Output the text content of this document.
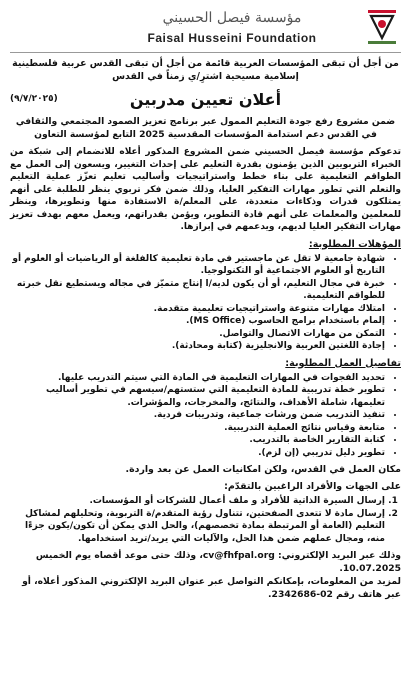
مؤسسة فيصل الحسيني
Faisal Husseini Foundation
من أجل أن تبقى المؤسسات العربية قائمة من أجل أن تبقى القدس عربية فلسطينية إسلامية مسيحية اشترِ/ي زمناً في القدس
أعلان تعيين مدربين
(٩/٧/٢٠٢٥)
ضمن مشروع رفع جودة التعليم الممول عبر برنامج تعزيز الصمود المجتمعي والثقافي في القدس دعم استدامة المؤسسات المقدسية 2025 التابع لمؤسسة التعاون

تدعوكم مؤسسة فيصل الحسيني ضمن المشروع المذكور أعلاه للانضمام إلى شبكة من الخبراء التربويين الذين يؤمنون بقدرة التعليم على إحداث التغيير، ويسعون إلى العمل مع الطواقم التعليمية على بناء خطط واستراتيجيات وأساليب تعليم تعزّز عملية التعليم والتعلم التي تطور مهارات التفكير العليا، وذلك ضمن فكر تربوي ينظر للطلبة على أنهم يمتلكون قدرات وذكاءات متعددة، على المعلم/ة الاستفادة منها وتطويرها، وينظر للمعلمين والمعلمات على أنهم قادة التطوير، ويؤمن بقدراتهم، ويعمل معهم بهدف تعزيز مهارات التفكير العليا لديهم، ويدعمهم في إبرازها.

المؤهلات المطلوبة:
• شهادة جامعية لا تقل عن ماجستير في مادة تعليمية كالفلغة أو الرياضيات أو العلوم أو التاريخ أو العلوم الاجتماعية أو التكنولوجيا.
• خبرة في مجال التعليم، أو أن يكون لديه/ا إنتاج متميّز في مجاله ويستطيع نقل خبرته للطواقم التعليمية.
• امتلاك مهارات متنوعة واستراتيجيات تعليمية متقدمة.
• إلمام باستخدام برامج الحاسوب (MS Office).
• التمكن من مهارات الاتصال والتواصل.
• إجادة اللغتين العربية والانجليزية (كتابة ومحادثة).
تفاصيل العمل المطلوبة:
• تحديد الفجوات في المهارات التعليمية في المادة التي سيتم التدريب عليها.
• تطوير خطة تدريبية للمادة التعليمية التي ستستهم/سيسهم في تطوير أساليب تعليمها، شاملة الأهداف، والنتائج، والمخرجات، والمؤشرات.
• تنفيذ التدريب ضمن ورشات جماعية، وتدريبات فردية.
• متابعة وقياس نتائج العملية التدريبية.
• كتابة التقارير الخاصة بالتدريب.
• تطوير دليل تدريبي (إن لزم).
مكان العمل في القدس، ولكن امكانيات العمل عن بعد واردة.
على الجهات والأفراد الراغبين بالتقدّم:
1. إرسال السيرة الذاتية للأفراد و ملف أعمال للشركات أو المؤسسات.
2. إرسال مادة لا تتعدى الصفحتين، تتناول رؤية المتقدم/ة التربوية، وتحليلهم لمشاكل التعليم (العامة أو المرتبطة بمادة تخصصهم)، والحل الذي يمكن أن تكون/يكون جزءًا منه، ومجال عملهم ضمن هذا الحل، والآليات التي يريد/تريد استخدامها.
وذلك عبر البريد الإلكتروني: cv@fhfpal.org، وذلك حتى موعد أقصاه يوم الخميس 10.07.2025.
لمزيد من المعلومات، بإمكانكم التواصل عبر عنوان البريد الإلكتروني المذكور أعلاه، أو عبر هاتف رقم 02-2342686.
